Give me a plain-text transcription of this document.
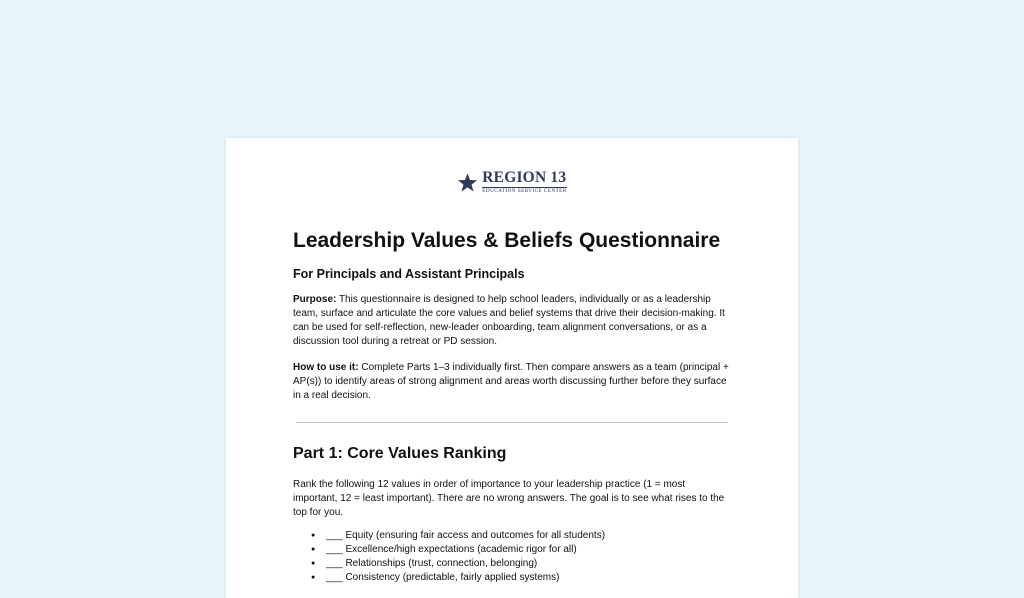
REGION 13
EDUCATION SERVICE CENTER
Leadership Values & Beliefs Questionnaire
For Principals and Assistant Principals

Purpose: This questionnaire is designed to help school leaders, individually or as a leadership team, surface and articulate the core values and belief systems that drive their decision-making. It can be used for self-reflection, new-leader onboarding, team alignment conversations, or as a discussion tool during a retreat or PD session.

How to use it: Complete Parts 1–3 individually first. Then compare answers as a team (principal + AP(s)) to identify areas of strong alignment and areas worth discussing further before they surface in a real decision.

Part 1: Core Values Ranking

Rank the following 12 values in order of importance to your leadership practice (1 = most important, 12 = least important). There are no wrong answers. The goal is to see what rises to the top for you.

● ___ Equity (ensuring fair access and outcomes for all students)
● ___ Excellence/high expectations (academic rigor for all)
● ___ Relationships (trust, connection, belonging)
● ___ Consistency (predictable, fairly applied systems)
